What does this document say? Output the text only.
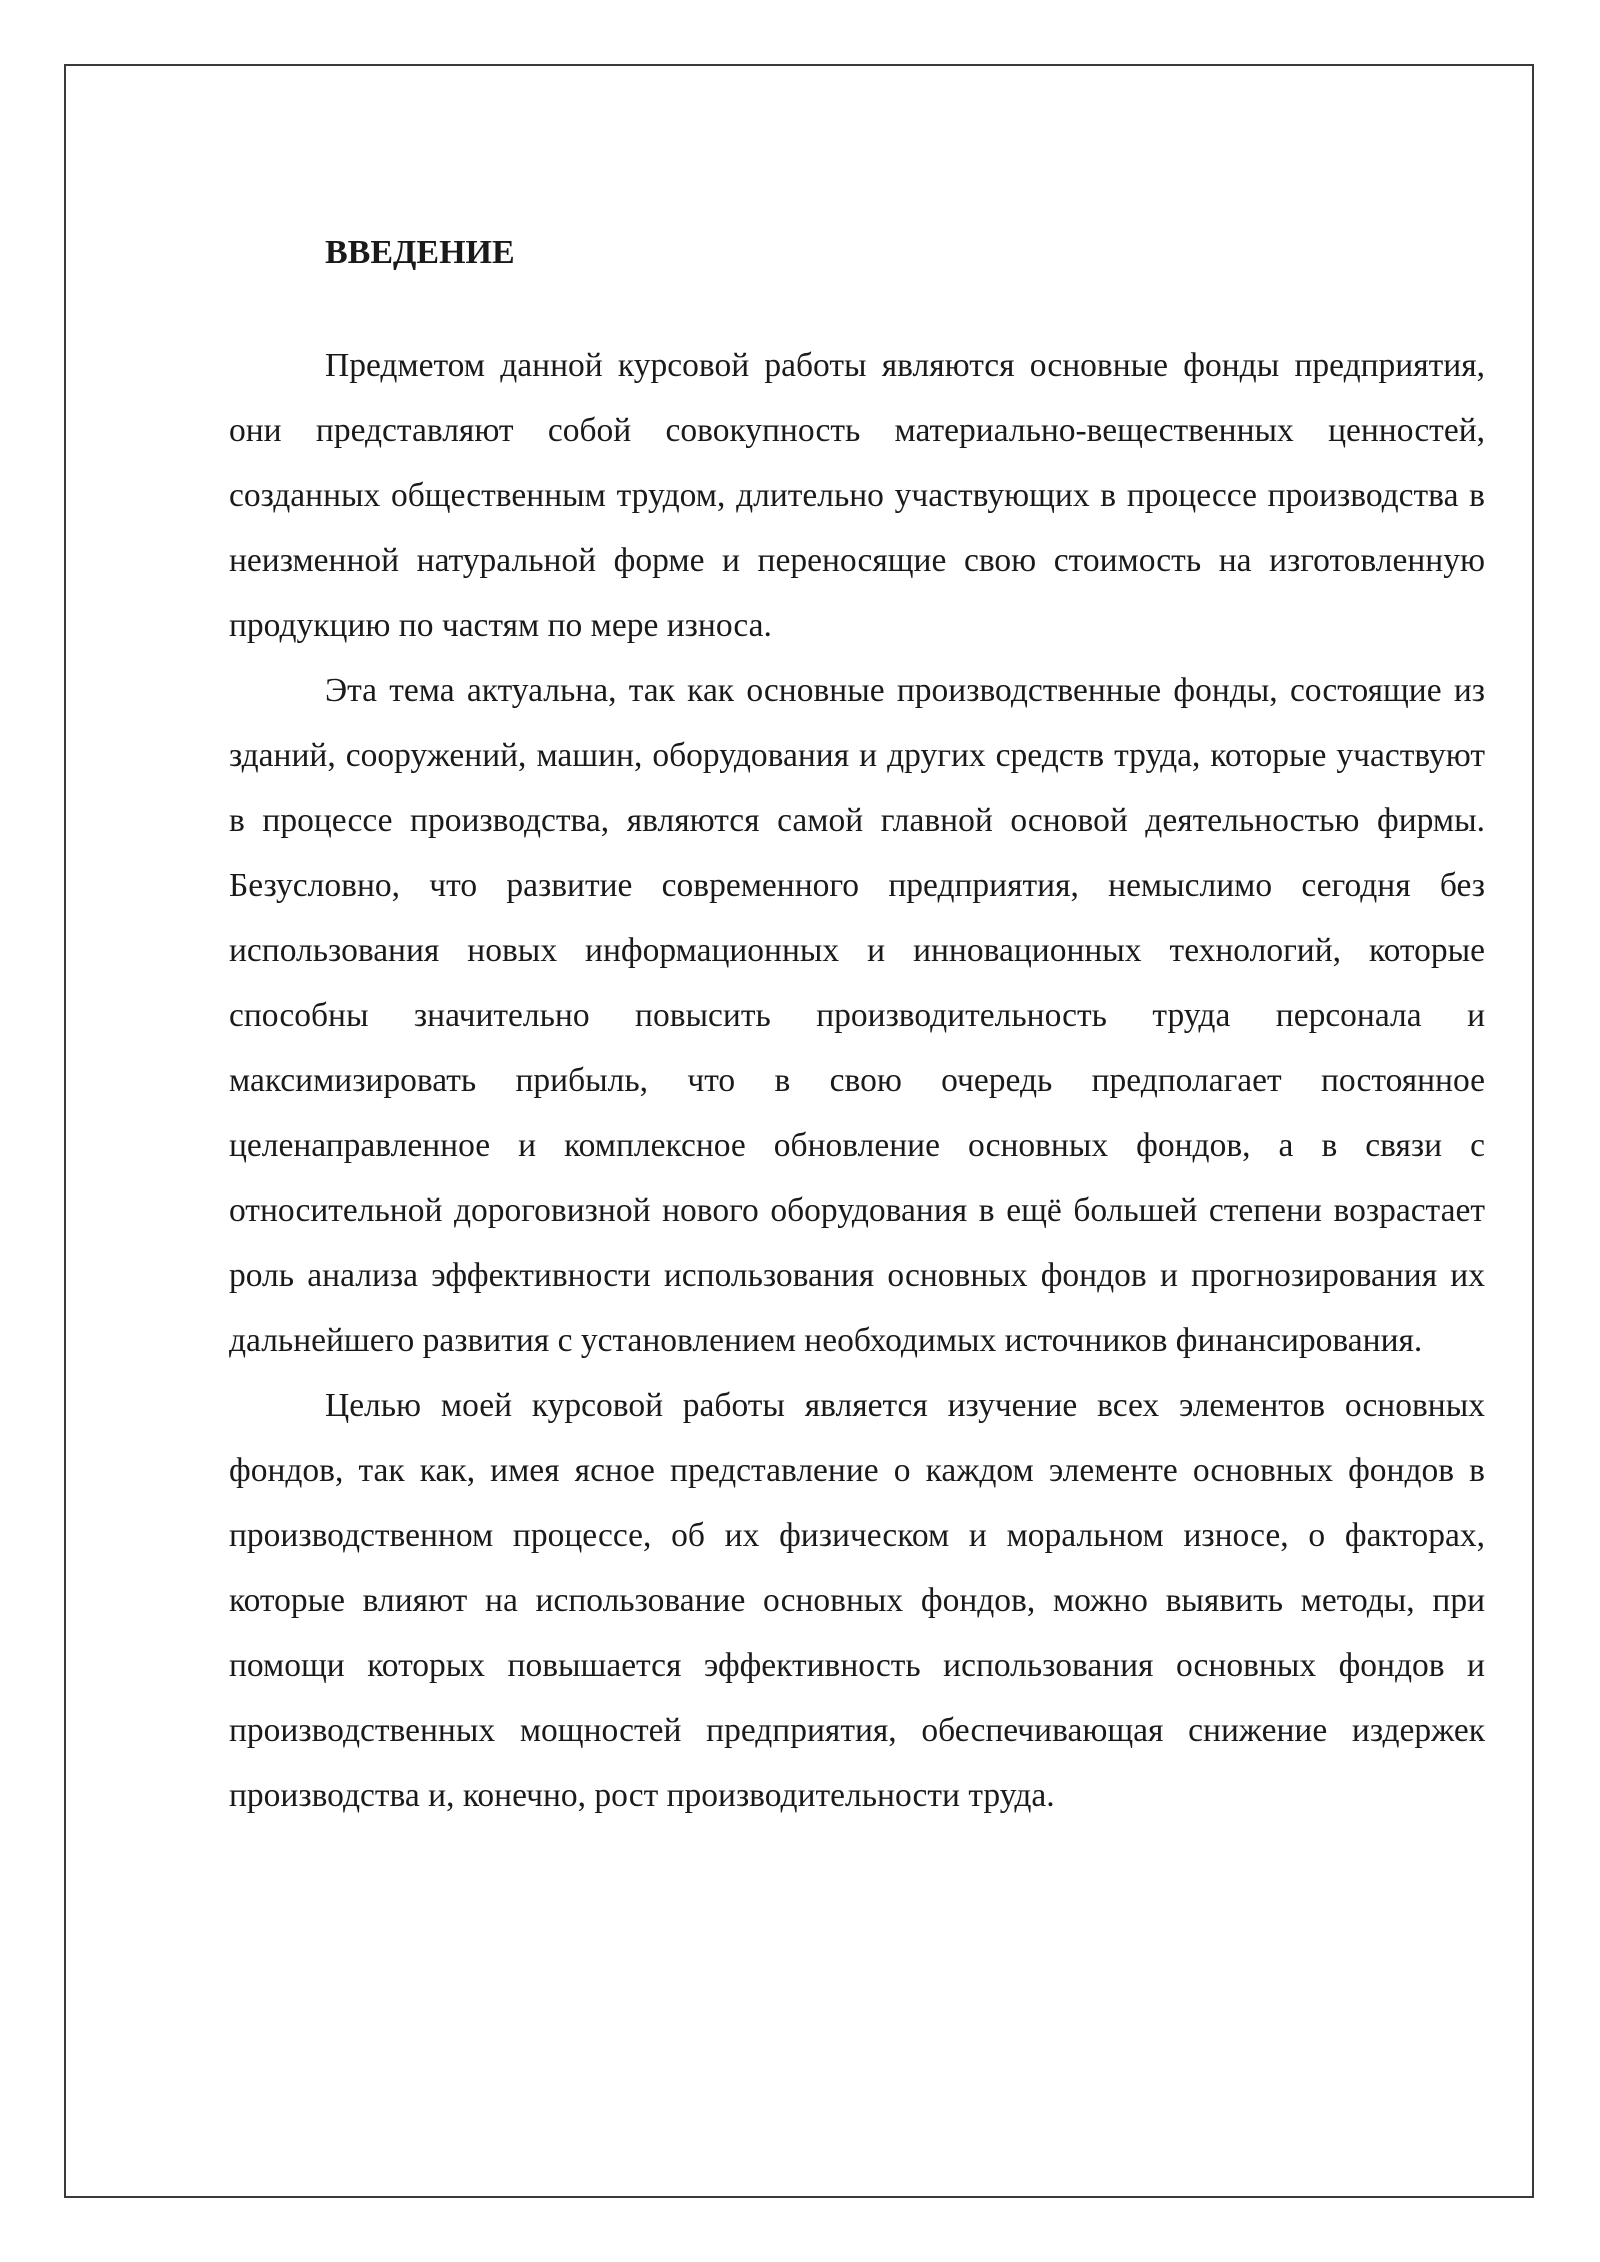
ВВЕДЕНИЕ

Предметом данной курсовой работы являются основные фонды предприятия, они представляют собой совокупность материально-вещественных ценностей, созданных общественным трудом, длительно участвующих в процессе производства в неизменной натуральной форме и переносящие свою стоимость на изготовленную продукцию по частям по мере износа.

Эта тема актуальна, так как основные производственные фонды, состоящие из зданий, сооружений, машин, оборудования и других средств труда, которые участвуют в процессе производства, являются самой главной основой деятельностью фирмы. Безусловно, что развитие современного предприятия, немыслимо сегодня без использования новых информационных и инновационных технологий, которые способны значительно повысить производительность труда персонала и максимизировать прибыль, что в свою очередь предполагает постоянное целенаправленное и комплексное обновление основных фондов, а в связи с относительной дороговизной нового оборудования в ещё большей степени возрастает роль анализа эффективности использования основных фондов и прогнозирования их дальнейшего развития с установлением необходимых источников финансирования.

Целью моей курсовой работы является изучение всех элементов основных фондов, так как, имея ясное представление о каждом элементе основных фондов в производственном процессе, об их физическом и моральном износе, о факторах, которые влияют на использование основных фондов, можно выявить методы, при помощи которых повышается эффективность использования основных фондов и производственных мощностей предприятия, обеспечивающая снижение издержек производства и, конечно, рост производительности труда.
